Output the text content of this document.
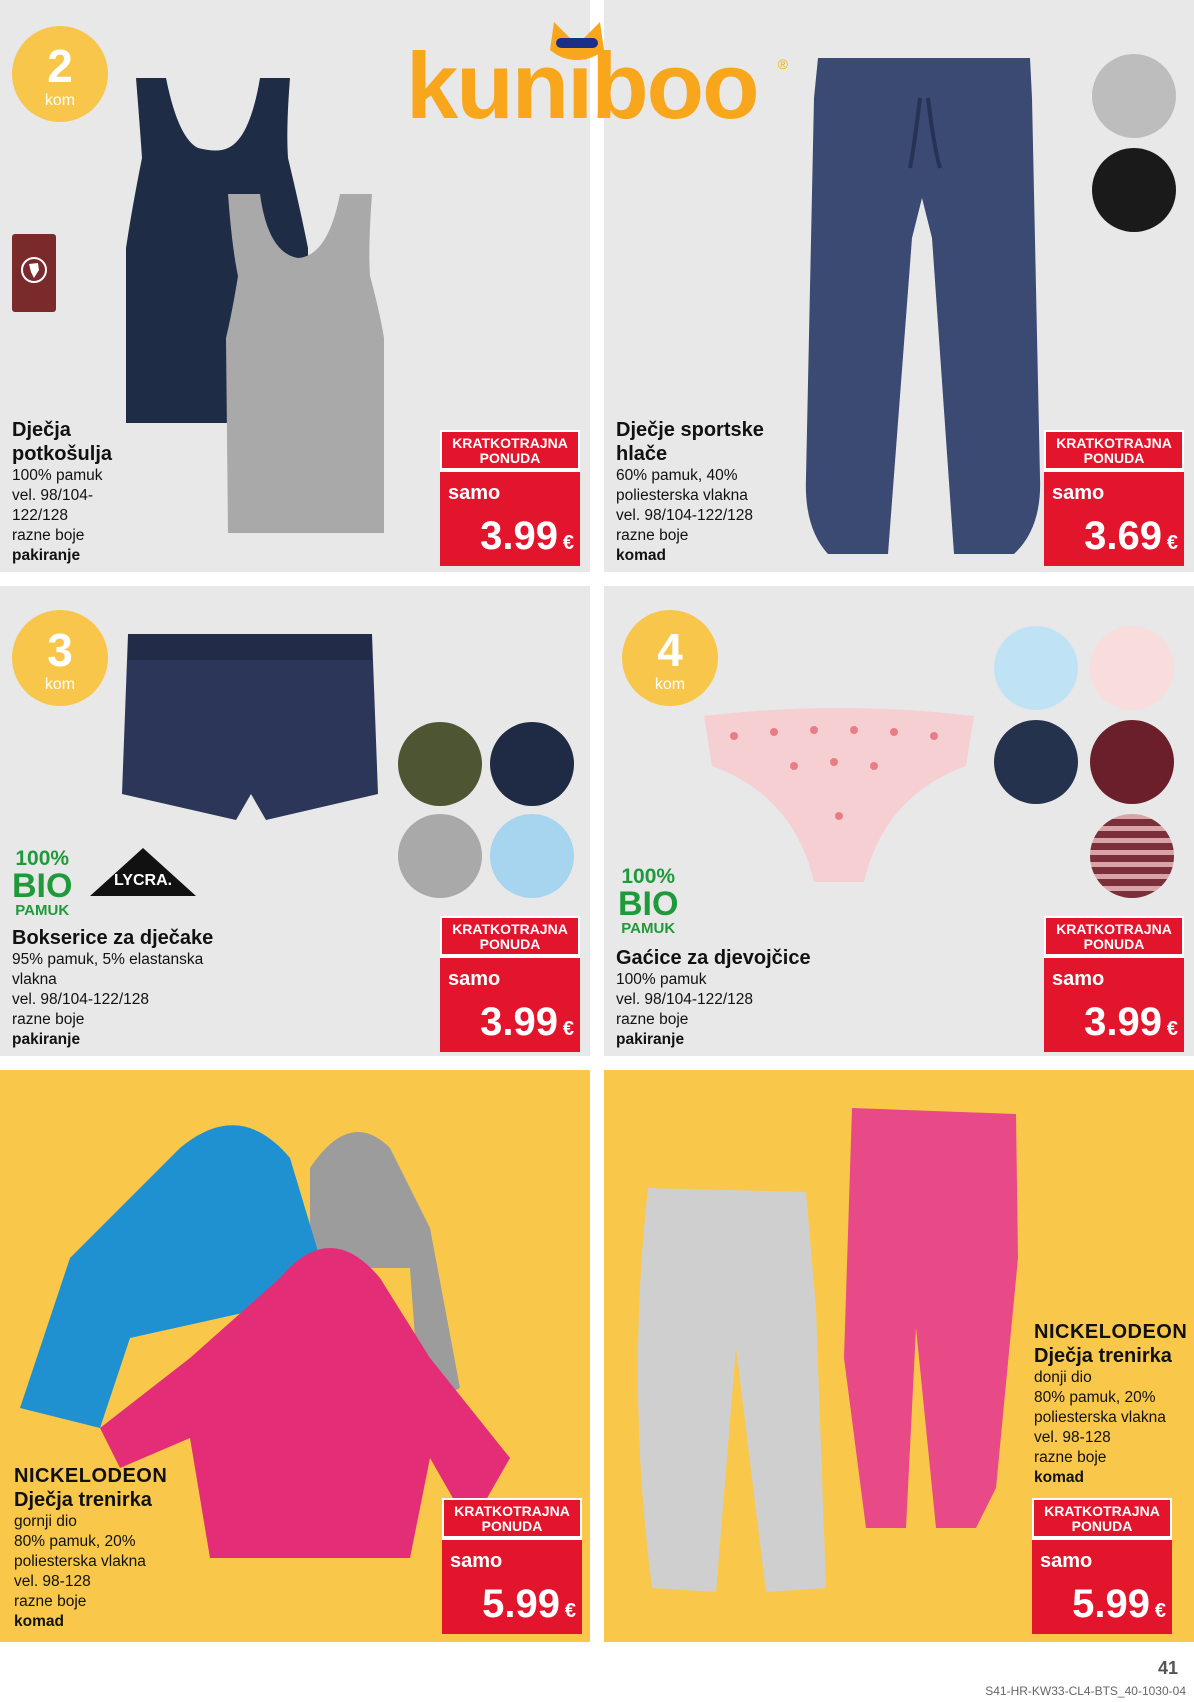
2
kom
Dječja
potkošulja
100% pamuk
vel. 98/104-
122/128
razne boje
pakiranje
KRATKOTRAJNA
PONUDA
samo
3.99 €
Dječje sportske
hlače
60% pamuk, 40%
poliesterska vlakna
vel. 98/104-122/128
razne boje
komad
KRATKOTRAJNA
PONUDA
samo
3.69 €
kuniboo ®
3
kom
100%
BIO
PAMUK
LYCRA.
Bokserice za dječake
95% pamuk, 5% elastanska
vlakna
vel. 98/104-122/128
razne boje
pakiranje
KRATKOTRAJNA
PONUDA
samo
3.99 €
4
kom
100%
BIO
PAMUK
Gaćice za djevojčice
100% pamuk
vel. 98/104-122/128
razne boje
pakiranje
KRATKOTRAJNA
PONUDA
samo
3.99 €
NICKELODEON
Dječja trenirka
gornji dio
80% pamuk, 20%
poliesterska vlakna
vel. 98-128
razne boje
komad
KRATKOTRAJNA
PONUDA
samo
5.99 €
NICKELODEON
Dječja trenirka
donji dio
80% pamuk, 20%
poliesterska vlakna
vel. 98-128
razne boje
komad
KRATKOTRAJNA
PONUDA
samo
5.99 €
41
S41-HR-KW33-CL4-BTS_40-1030-04
